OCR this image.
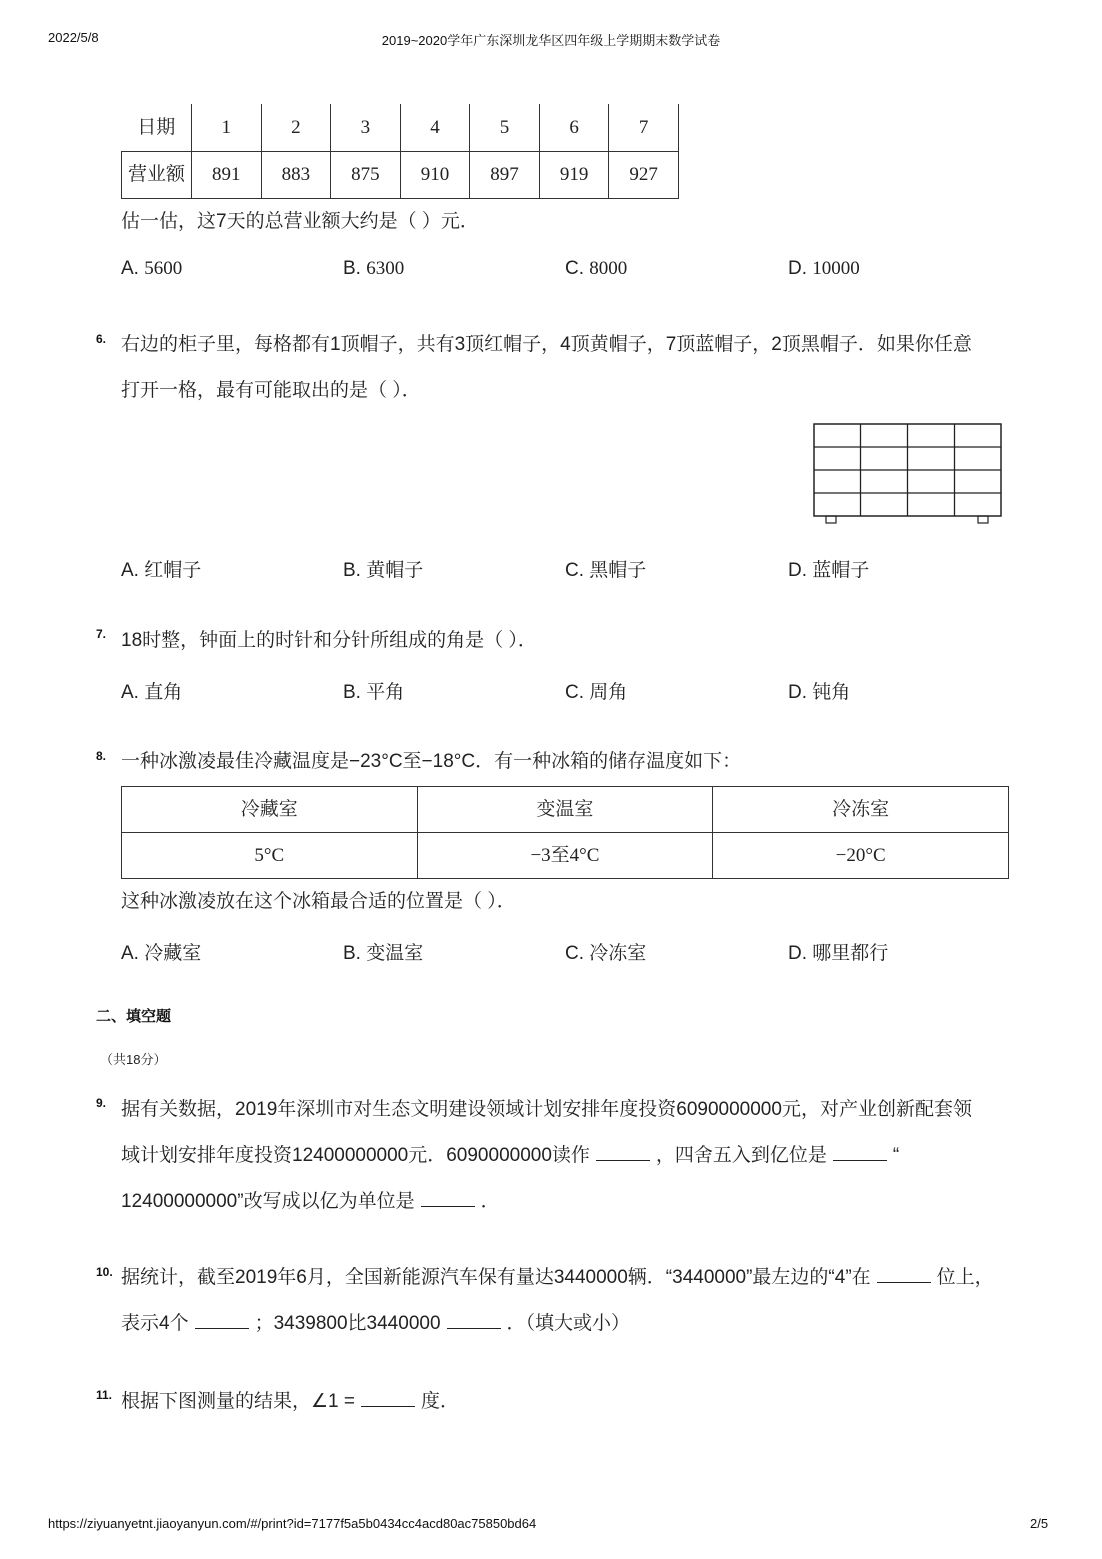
2022/5/8	2019~2020学年广东深圳龙华区四年级上学期期末数学试卷
日期	1	2	3	4	5	6	7
营业额	891	883	875	910	897	919	927
估一估，这7天的总营业额大约是（ ）元．
A. 5600	B. 6300	C. 8000	D. 10000
6. 右边的柜子里，每格都有1顶帽子，共有3顶红帽子，4顶黄帽子，7顶蓝帽子，2顶黑帽子．如果你任意
打开一格，最有可能取出的是（ ）．
A. 红帽子	B. 黄帽子	C. 黑帽子	D. 蓝帽子
7. 18时整，钟面上的时针和分针所组成的角是（ ）．
A. 直角	B. 平角	C. 周角	D. 钝角
8. 一种冰激凌最佳冷藏温度是−23°C至−18°C．有一种冰箱的储存温度如下：
冷藏室	变温室	冷冻室
5°C	−3至4°C	−20°C
这种冰激凌放在这个冰箱最合适的位置是（ ）．
A. 冷藏室	B. 变温室	C. 冷冻室	D. 哪里都行
二、填空题
（共18分）
9. 据有关数据，2019年深圳市对生态文明建设领域计划安排年度投资6090000000元，对产业创新配套领
域计划安排年度投资12400000000元．6090000000读作	，四舍五入到亿位是	“
12400000000”改写成以亿为单位是	．
10. 据统计，截至2019年6月，全国新能源汽车保有量达3440000辆．“3440000”最左边的“4”在	位上，
表示4个	；3439800比3440000	．（填大或小）
11. 根据下图测量的结果，∠1 =	度．
https://ziyuanyetnt.jiaoyanyun.com/#/print?id=7177f5a5b0434cc4acd80ac75850bd64	2/5
